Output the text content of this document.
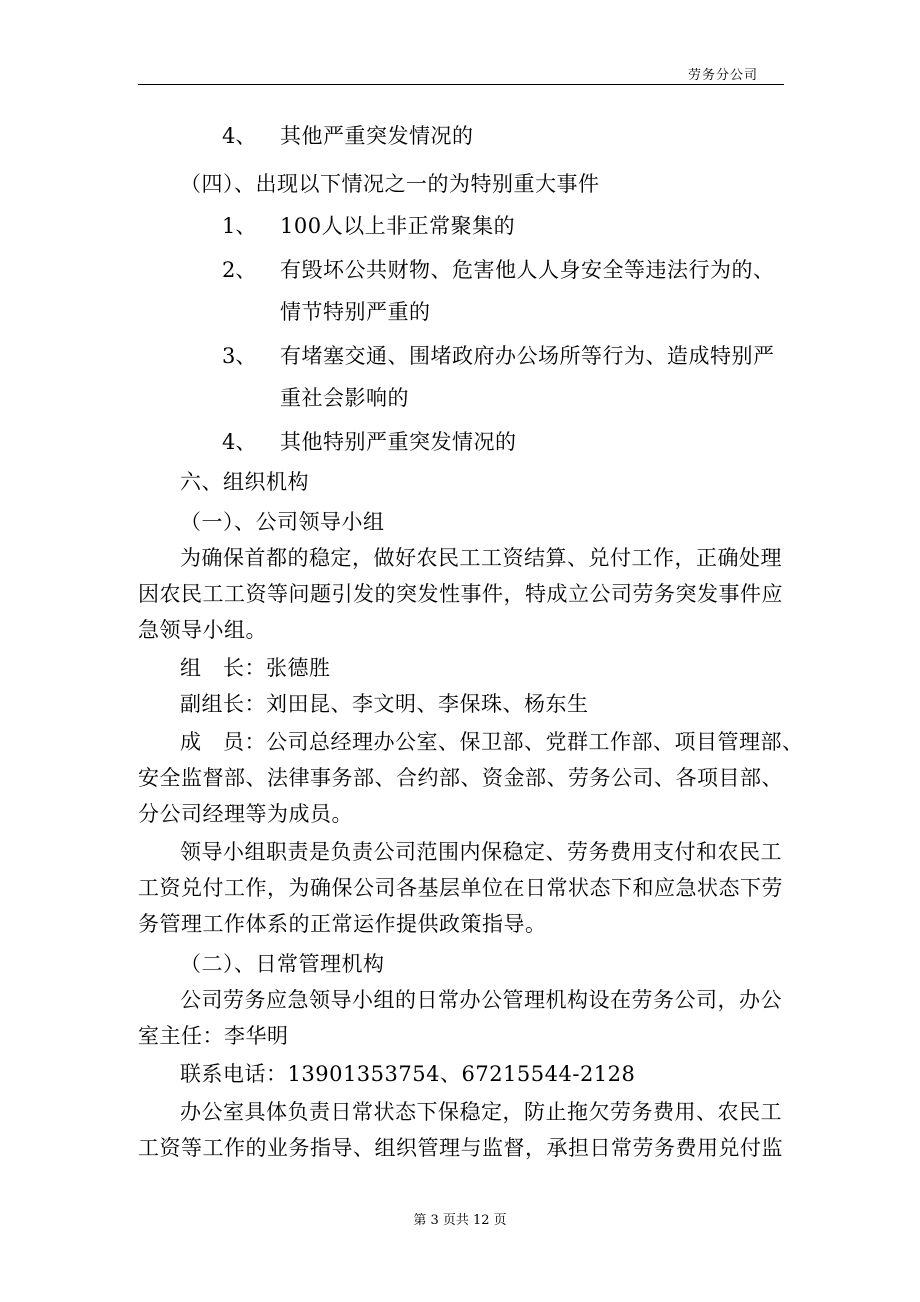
劳务分公司
4、 其他严重突发情况的
（四）、出现以下情况之一的为特别重大事件
1、 100人以上非正常聚集的
2、 有毁坏公共财物、危害他人人身安全等违法行为的、
情节特别严重的
3、 有堵塞交通、围堵政府办公场所等行为、造成特别严
重社会影响的
4、 其他特别严重突发情况的
六、组织机构
（一）、公司领导小组
为确保首都的稳定，做好农民工工资结算、兑付工作，正确处理
因农民工工资等问题引发的突发性事件，特成立公司劳务突发事件应
急领导小组。
组　长：张德胜
副组长：刘田昆、李文明、李保珠、杨东生
成　员：公司总经理办公室、保卫部、党群工作部、项目管理部、
安全监督部、法律事务部、合约部、资金部、劳务公司、各项目部、
分公司经理等为成员。
领导小组职责是负责公司范围内保稳定、劳务费用支付和农民工
工资兑付工作，为确保公司各基层单位在日常状态下和应急状态下劳
务管理工作体系的正常运作提供政策指导。
（二）、日常管理机构
公司劳务应急领导小组的日常办公管理机构设在劳务公司，办公
室主任：李华明
联系电话：13901353754、67215544-2128
办公室具体负责日常状态下保稳定，防止拖欠劳务费用、农民工
工资等工作的业务指导、组织管理与监督，承担日常劳务费用兑付监
第 3 页共 12 页
